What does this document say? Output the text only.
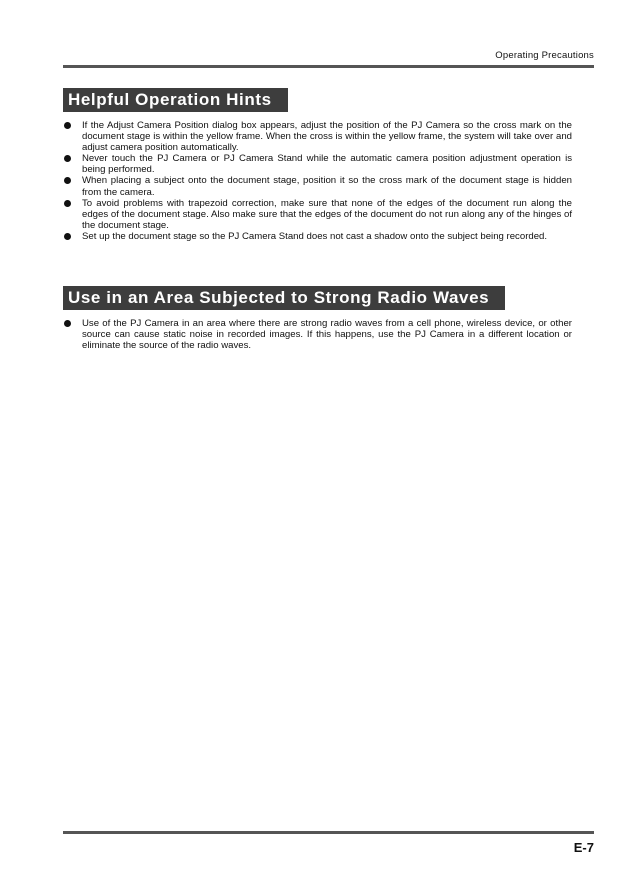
Operating Precautions
Helpful Operation Hints
If the Adjust Camera Position dialog box appears, adjust the position of the PJ Camera so the cross mark on the document stage is within the yellow frame. When the cross is within the yellow frame, the system will take over and adjust camera position automatically.
Never touch the PJ Camera or PJ Camera Stand while the automatic camera position adjustment operation is being performed.
When placing a subject onto the document stage, position it so the cross mark of the document stage is hidden from the camera.
To avoid problems with trapezoid correction, make sure that none of the edges of the document run along the edges of the document stage. Also make sure that the edges of the document do not run along any of the hinges of the document stage.
Set up the document stage so the PJ Camera Stand does not cast a shadow onto the subject being recorded.
Use in an Area Subjected to Strong Radio Waves
Use of the PJ Camera in an area where there are strong radio waves from a cell phone, wireless device, or other source can cause static noise in recorded images. If this happens, use the PJ Camera in a different location or eliminate the source of the radio waves.
E-7
